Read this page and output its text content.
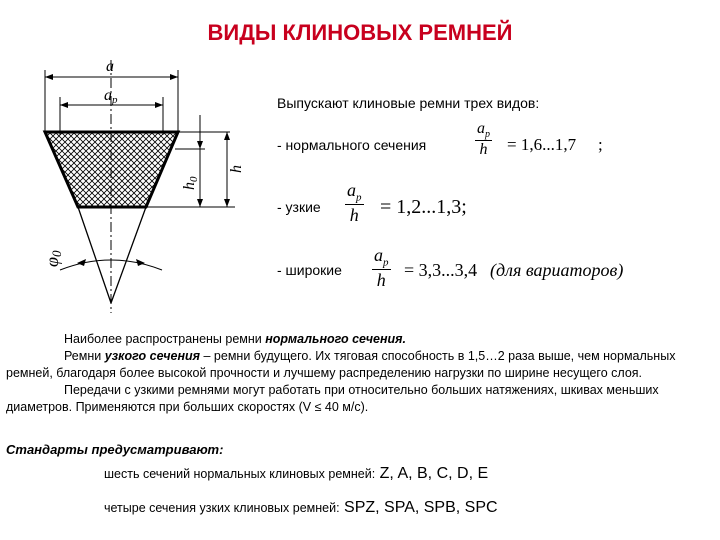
ВИДЫ КЛИНОВЫХ РЕМНЕЙ
a
ap
h
h0
φ0
Выпускают клиновые ремни трех видов:
- нормального сечения	$\frac{a_p}{h} = 1,6...1,7$ ;
- узкие $\frac{a_p}{h} = 1,2...1,3$;
- широкие $\frac{a_p}{h} = 3,3...3,4$ (для вариаторов)
Наиболее распространены ремни нормального сечения.
Ремни узкого сечения – ремни будущего. Их тяговая способность в 1,5…2 раза выше, чем нормальных ремней, благодаря более высокой прочности и лучшему распределению нагрузки по ширине несущего слоя.
Передачи с узкими ремнями могут работать при относительно больших натяжениях, шкивах меньших диаметров. Применяются при больших скоростях (V ≤ 40 м/с).
Стандарты предусматривают:
шесть сечений нормальных клиновых ремней: Z, A, B, C, D, E
четыре сечения узких клиновых ремней: SPZ, SPA, SPB, SPC
